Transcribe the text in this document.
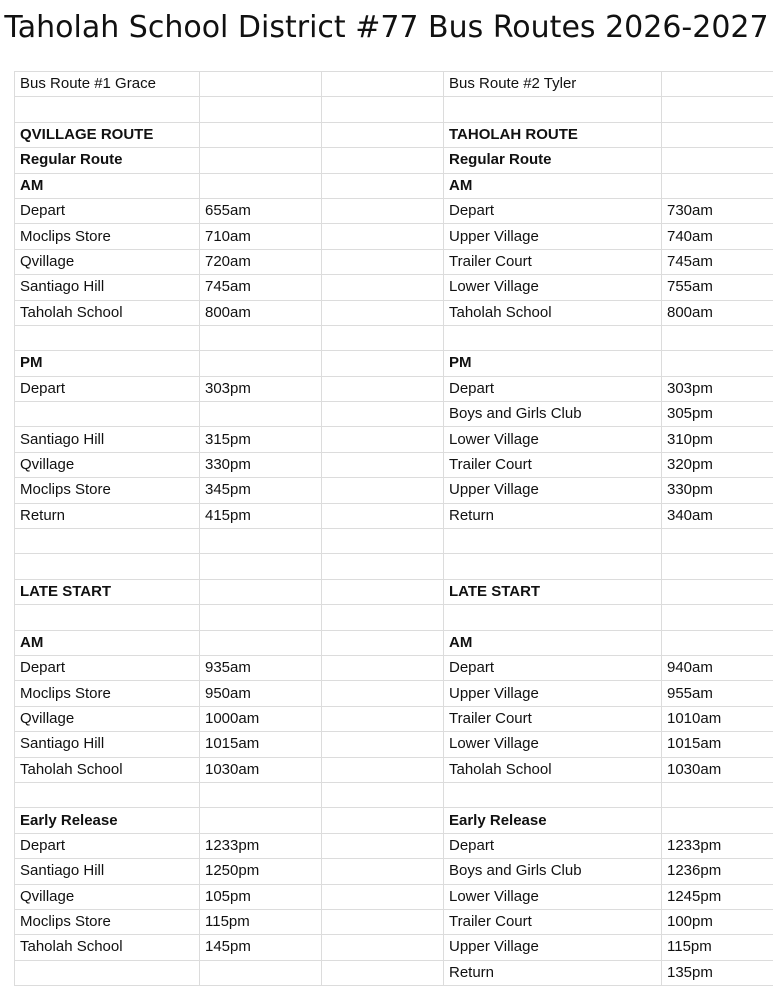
Taholah School District #77 Bus Routes 2026-2027
Bus Route #1 Grace			Bus Route #2 Tyler	

QVILLAGE ROUTE			TAHOLAH ROUTE	
Regular Route			Regular Route	
AM			AM	
Depart	655am		Depart	730am
Moclips Store	710am		Upper Village	740am
Qvillage	720am		Trailer Court	745am
Santiago Hill	745am		Lower Village	755am
Taholah School	800am		Taholah School	800am

PM			PM	
Depart	303pm		Depart	303pm
			Boys and Girls Club	305pm
Santiago Hill	315pm		Lower Village	310pm
Qvillage	330pm		Trailer Court	320pm
Moclips Store	345pm		Upper Village	330pm
Return	415pm		Return	340am

LATE START			LATE START	

AM			AM	
Depart	935am		Depart	940am
Moclips Store	950am		Upper Village	955am
Qvillage	1000am		Trailer Court	1010am
Santiago Hill	1015am		Lower Village	1015am
Taholah School	1030am		Taholah School	1030am

Early Release			Early Release	
Depart	1233pm		Depart	1233pm
Santiago Hill	1250pm		Boys and Girls Club	1236pm
Qvillage	105pm		Lower Village	1245pm
Moclips Store	115pm		Trailer Court	100pm
Taholah School	145pm		Upper Village	115pm
			Return	135pm
